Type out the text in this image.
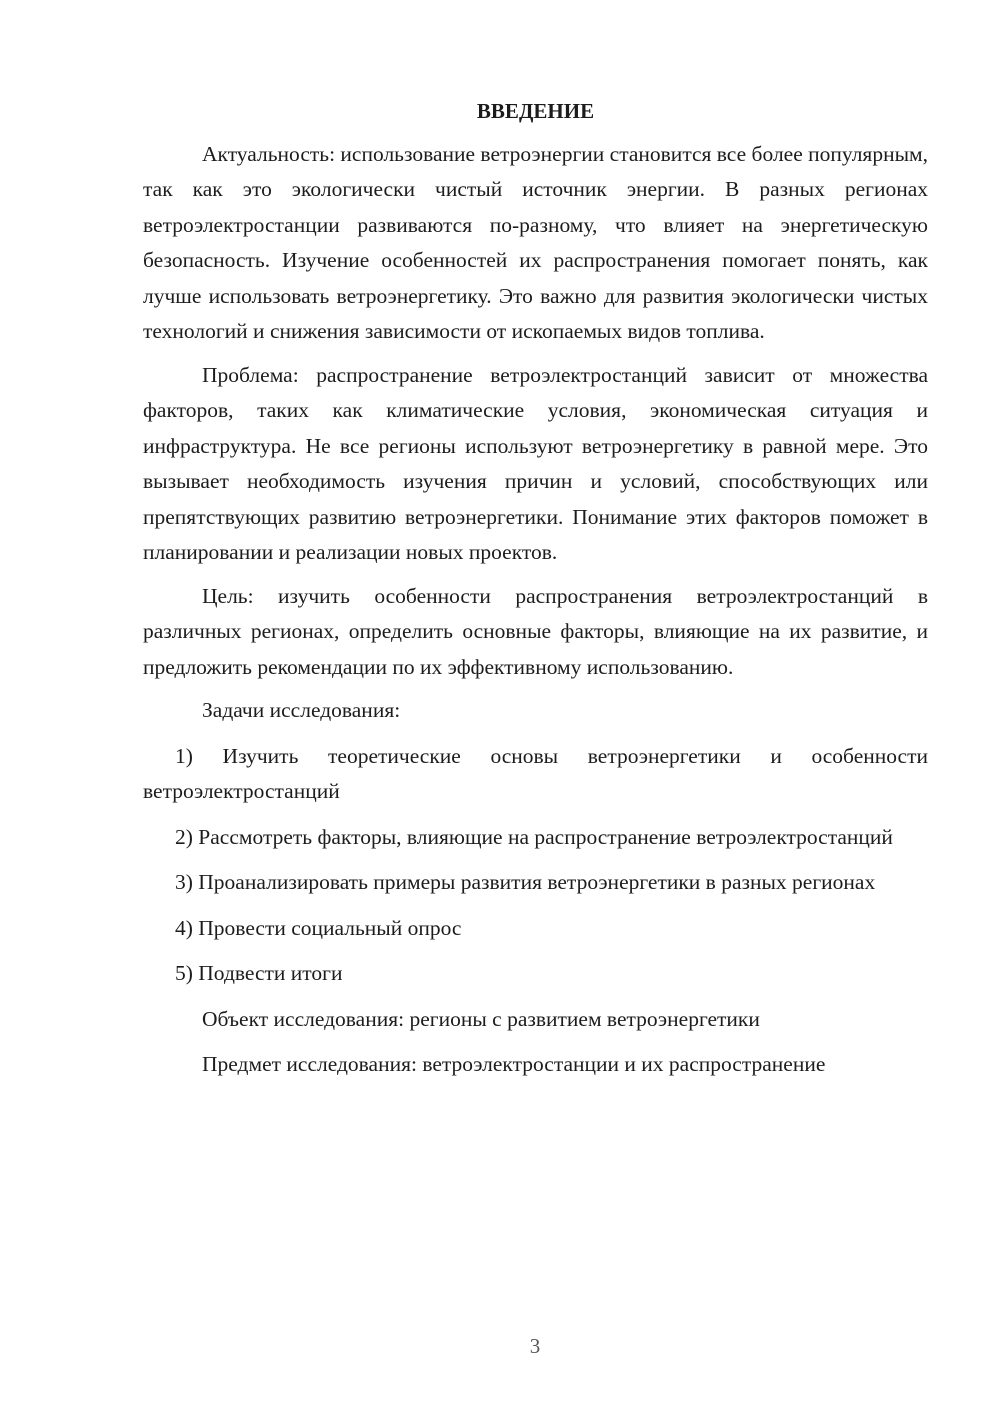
ВВЕДЕНИЕ

Актуальность: использование ветроэнергии становится все более популярным, так как это экологически чистый источник энергии. В разных регионах ветроэлектростанции развиваются по-разному, что влияет на энергетическую безопасность. Изучение особенностей их распространения помогает понять, как лучше использовать ветроэнергетику. Это важно для развития экологически чистых технологий и снижения зависимости от ископаемых видов топлива.

Проблема: распространение ветроэлектростанций зависит от множества факторов, таких как климатические условия, экономическая ситуация и инфраструктура. Не все регионы используют ветроэнергетику в равной мере. Это вызывает необходимость изучения причин и условий, способствующих или препятствующих развитию ветроэнергетики. Понимание этих факторов поможет в планировании и реализации новых проектов.

Цель: изучить особенности распространения ветроэлектростанций в различных регионах, определить основные факторы, влияющие на их развитие, и предложить рекомендации по их эффективному использованию.

Задачи исследования:

1) Изучить теоретические основы ветроэнергетики и особенности ветроэлектростанций

2) Рассмотреть факторы, влияющие на распространение ветроэлектростанций

3) Проанализировать примеры развития ветроэнергетики в разных регионах

4) Провести социальный опрос

5) Подвести итоги

Объект исследования: регионы с развитием ветроэнергетики

Предмет исследования: ветроэлектростанции и их распространение

3
